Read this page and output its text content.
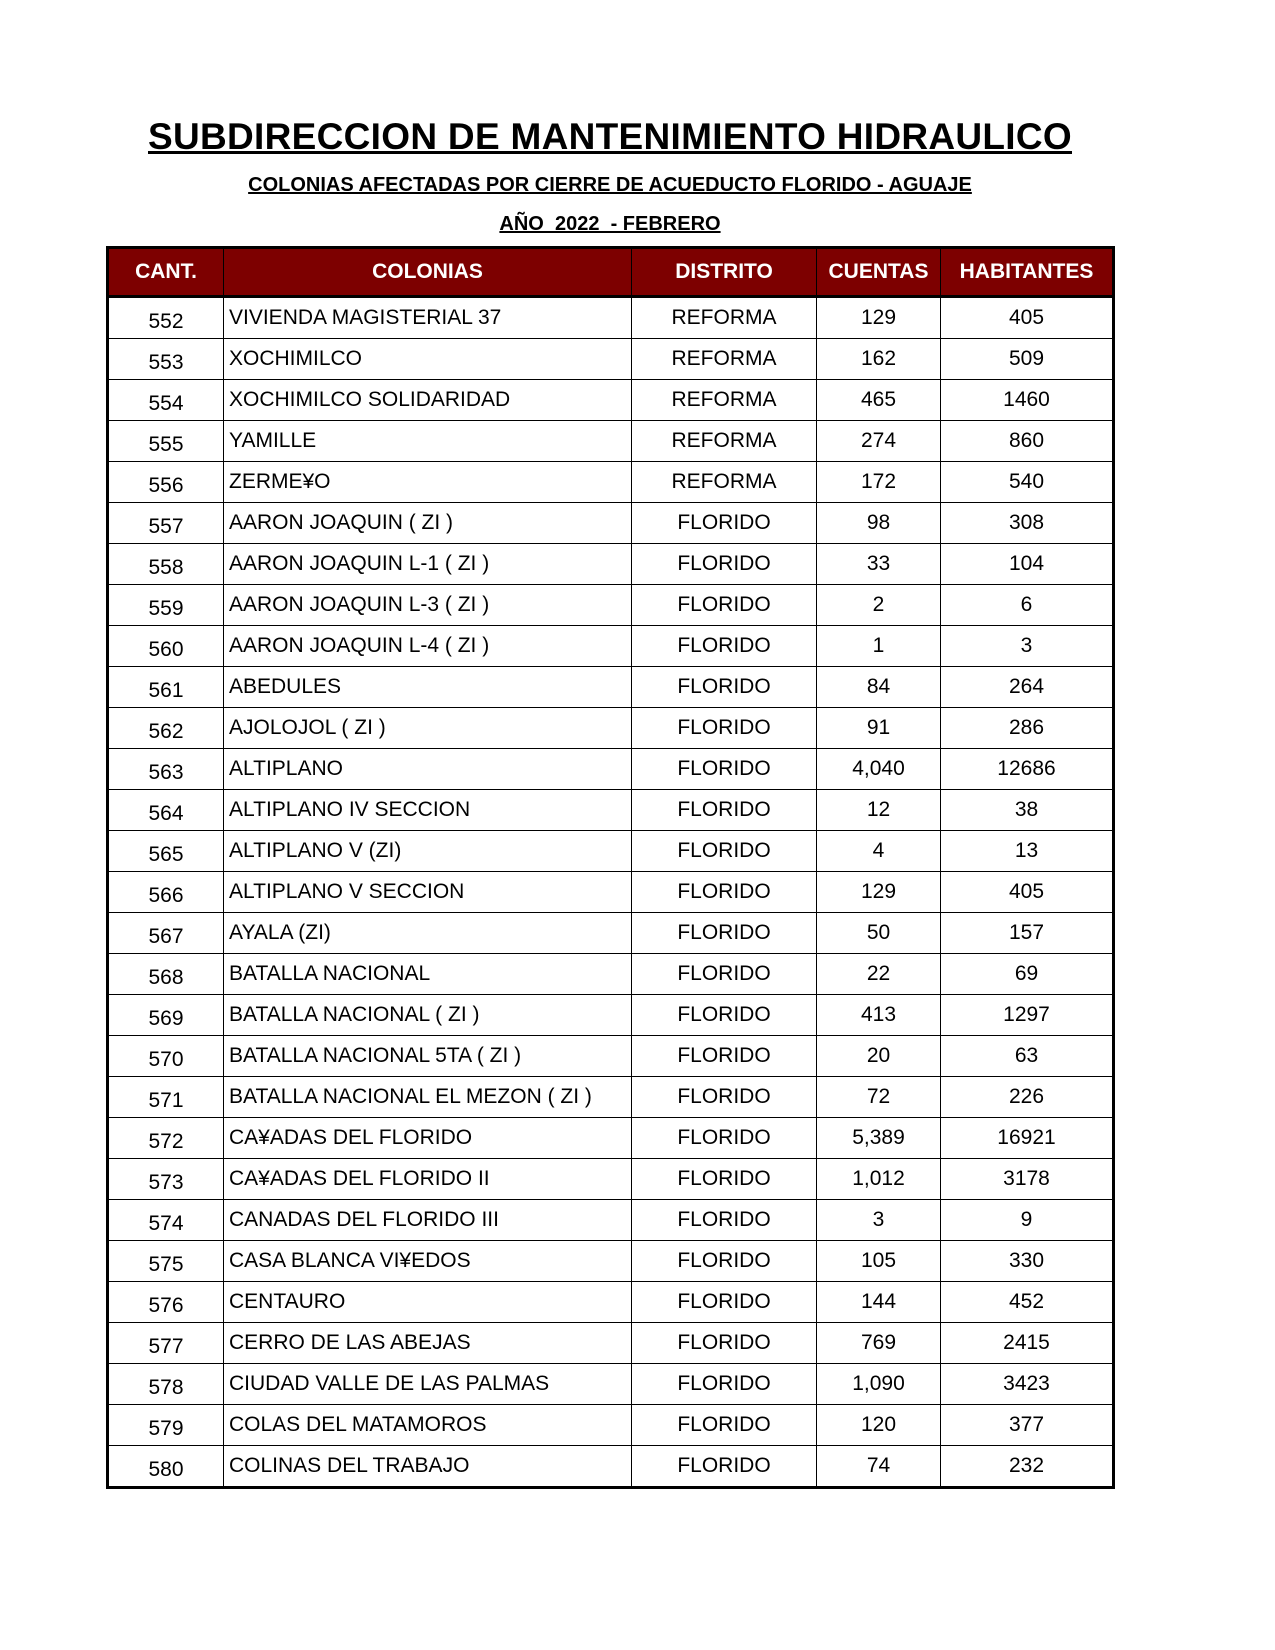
SUBDIRECCION DE MANTENIMIENTO HIDRAULICO
COLONIAS AFECTADAS POR CIERRE DE ACUEDUCTO FLORIDO - AGUAJE
AÑO  2022  - FEBRERO
CANT.	COLONIAS	DISTRITO	CUENTAS	HABITANTES
552	VIVIENDA MAGISTERIAL 37	REFORMA	129	405
553	XOCHIMILCO	REFORMA	162	509
554	XOCHIMILCO SOLIDARIDAD	REFORMA	465	1460
555	YAMILLE	REFORMA	274	860
556	ZERME¥O	REFORMA	172	540
557	AARON JOAQUIN ( ZI )	FLORIDO	98	308
558	AARON JOAQUIN L-1 ( ZI )	FLORIDO	33	104
559	AARON JOAQUIN L-3 ( ZI )	FLORIDO	2	6
560	AARON JOAQUIN L-4 ( ZI )	FLORIDO	1	3
561	ABEDULES	FLORIDO	84	264
562	AJOLOJOL ( ZI )	FLORIDO	91	286
563	ALTIPLANO	FLORIDO	4,040	12686
564	ALTIPLANO IV SECCION	FLORIDO	12	38
565	ALTIPLANO V (ZI)	FLORIDO	4	13
566	ALTIPLANO V SECCION	FLORIDO	129	405
567	AYALA (ZI)	FLORIDO	50	157
568	BATALLA NACIONAL	FLORIDO	22	69
569	BATALLA NACIONAL ( ZI )	FLORIDO	413	1297
570	BATALLA NACIONAL 5TA ( ZI )	FLORIDO	20	63
571	BATALLA NACIONAL EL MEZON ( ZI )	FLORIDO	72	226
572	CA¥ADAS DEL FLORIDO	FLORIDO	5,389	16921
573	CA¥ADAS DEL FLORIDO II	FLORIDO	1,012	3178
574	CANADAS DEL FLORIDO III	FLORIDO	3	9
575	CASA BLANCA VI¥EDOS	FLORIDO	105	330
576	CENTAURO	FLORIDO	144	452
577	CERRO DE LAS ABEJAS	FLORIDO	769	2415
578	CIUDAD VALLE DE LAS PALMAS	FLORIDO	1,090	3423
579	COLAS DEL MATAMOROS	FLORIDO	120	377
580	COLINAS DEL TRABAJO	FLORIDO	74	232
